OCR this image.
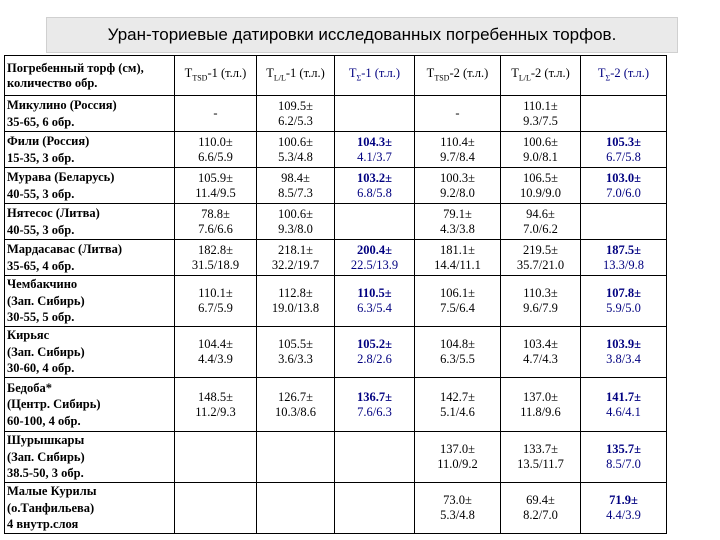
Уран-ториевые датировки исследованных погребенных торфов.
Погребенный торф (см), количество обр.	$T_{TSD}-1$ (т.л.)	$T_{L/L}-1$ (т.л.)	$T_\Sigma-1$ (т.л.)	$T_{TSD}-2$ (т.л.)	$T_{L/L}-2$ (т.л.)	$T_\Sigma-2$ (т.л.)

Микулино (Россия)
35-65, 6 обр.	-	109.5±
6.2/5.3		-	110.1±
9.3/7.5	

Фили (Россия)
15-35, 3 обр.	110.0±
6.6/5.9	100.6±
5.3/4.8	104.3±
4.1/3.7	110.4±
9.7/8.4	100.6±
9.0/8.1	105.3±
6.7/5.8

Мурава (Беларусь)
40-55, 3 обр.	105.9±
11.4/9.5	98.4±
8.5/7.3	103.2±
6.8/5.8	100.3±
9.2/8.0	106.5±
10.9/9.0	103.0±
7.0/6.0

Нятесос (Литва)
40-55, 3 обр.	78.8±
7.6/6.6	100.6±
9.3/8.0		79.1±
4.3/3.8	94.6±
7.0/6.2	

Мардасавас (Литва)
35-65, 4 обр.	182.8±
31.5/18.9	218.1±
32.2/19.7	200.4±
22.5/13.9	181.1±
14.4/11.1	219.5±
35.7/21.0	187.5±
13.3/9.8

Чембакчино
(Зап. Сибирь)
30-55, 5 обр.	110.1±
6.7/5.9	112.8±
19.0/13.8	110.5±
6.3/5.4	106.1±
7.5/6.4	110.3±
9.6/7.9	107.8±
5.9/5.0

Кирьяс
(Зап. Сибирь)
30-60, 4 обр.	104.4±
4.4/3.9	105.5±
3.6/3.3	105.2±
2.8/2.6	104.8±
6.3/5.5	103.4±
4.7/4.3	103.9±
3.8/3.4

Бедоба*
(Центр. Сибирь)
60-100, 4 обр.	148.5±
11.2/9.3	126.7±
10.3/8.6	136.7±
7.6/6.3	142.7±
5.1/4.6	137.0±
11.8/9.6	141.7±
4.6/4.1

Шурышкары
(Зап. Сибирь)
38.5-50, 3 обр.				137.0±
11.0/9.2	133.7±
13.5/11.7	135.7±
8.5/7.0

Малые Курилы
(о.Танфильева)
4 внутр.слоя				73.0±
5.3/4.8	69.4±
8.2/7.0	71.9±
4.4/3.9
